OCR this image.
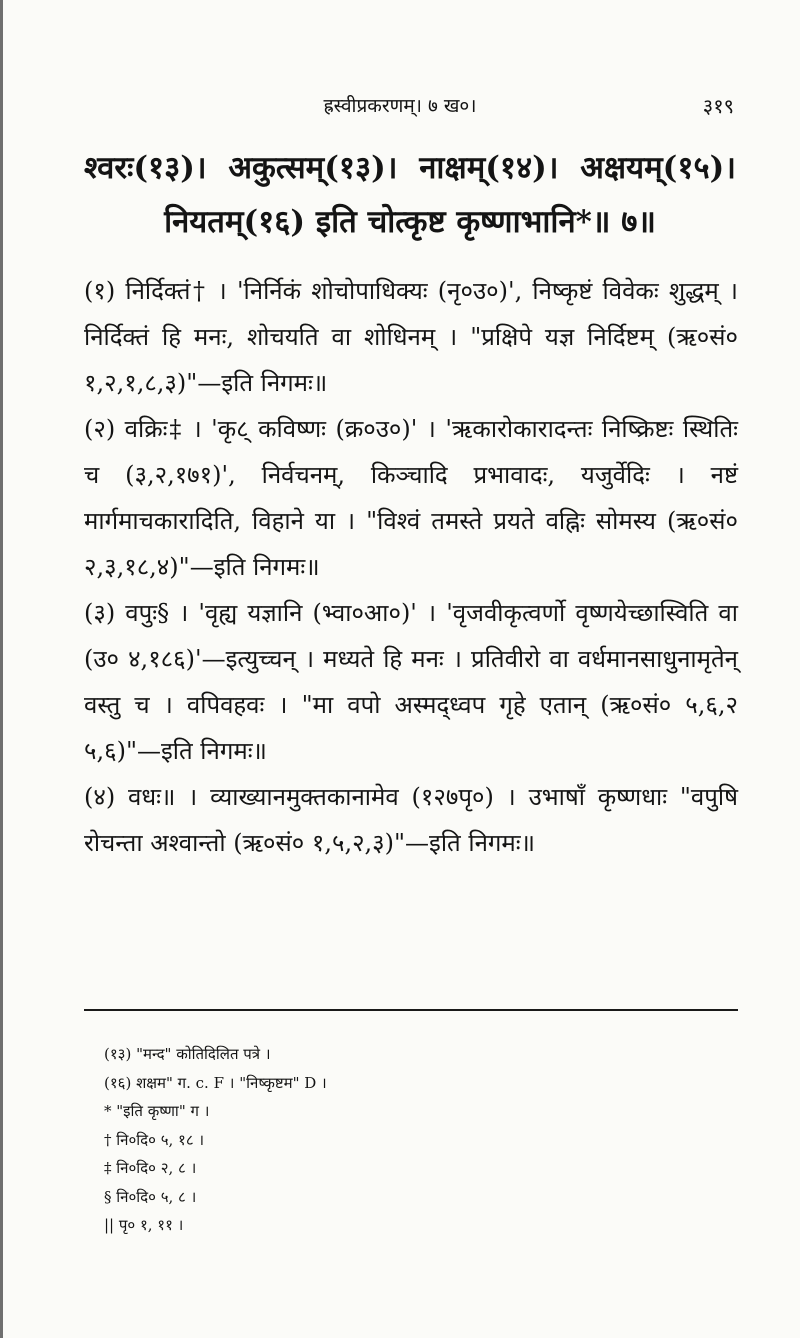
ह्रस्वीप्रकरणम्। ७ ख०।	३१९
श्वरः(१३)। अकुत्सम्(१३)। नाक्षम्(१४)। अक्षयम्(१५)।
नियतम्(१६) इति चोत्कृष्ट कृष्णाभानि*॥ ७॥

(१) निर्दिक्तं† । 'निर्निकं शोचोपाधिक्यः (नृ०उ०)', निष्कृष्टं विवेकः शुद्धम् । निर्दिक्तं हि मनः, शोचयति वा शोधिनम् । "प्रक्षिपे यज्ञ निर्दिष्टम् (ऋ०सं० १,२,१,८,३)"—इति निगमः॥

(२) वक्रिः‡ । 'कृ८् कविष्णः (क्र०उ०)' । 'ऋकारोकारादन्तः निष्क्रिष्टः स्थितिः च (३,२,१७१)', निर्वचनम्, किञ्चादि प्रभावादः, यजुर्वेदिः । नष्टं मार्गमाचकारादिति, विहाने या । "विश्वं तमस्ते प्रयते वह्निः सोमस्य (ऋ०सं० २,३,१८,४)"—इति निगमः॥

(३) वपुः§ । 'वृह्य यज्ञानि (भ्वा०आ०)' । 'वृजवीकृत्वर्णो वृष्णयेच्छास्विति वा (उ० ४,१८६)'—इत्युच्चन् । मध्यते हि मनः । प्रतिवीरो वा वर्धमानसाधुनामृतेन् वस्तु च । वपिवहवः । "मा वपो अस्मद्ध्वप गृहे एतान् (ऋ०सं० ५,६,२ ५,६)"—इति निगमः॥

(४) वधः॥ । व्याख्यानमुक्तकानामेव (१२७पृ०) । उभाषाँ कृष्णधाः "वपुषि रोचन्ता अश्वान्तो (ऋ०सं० १,५,२,३)"—इति निगमः॥

(१३) "मन्द" कोतिदिलित पत्रे ।
(१६) शक्षम" ग. c. F । "निष्कृष्टम" D ।
* "इति कृष्णा" ग ।
† नि०दि० ५, १८ ।
‡ नि०दि० २, ८ ।
§ नि०दि० ५, ८ ।
|| पृ० १, ११ ।
